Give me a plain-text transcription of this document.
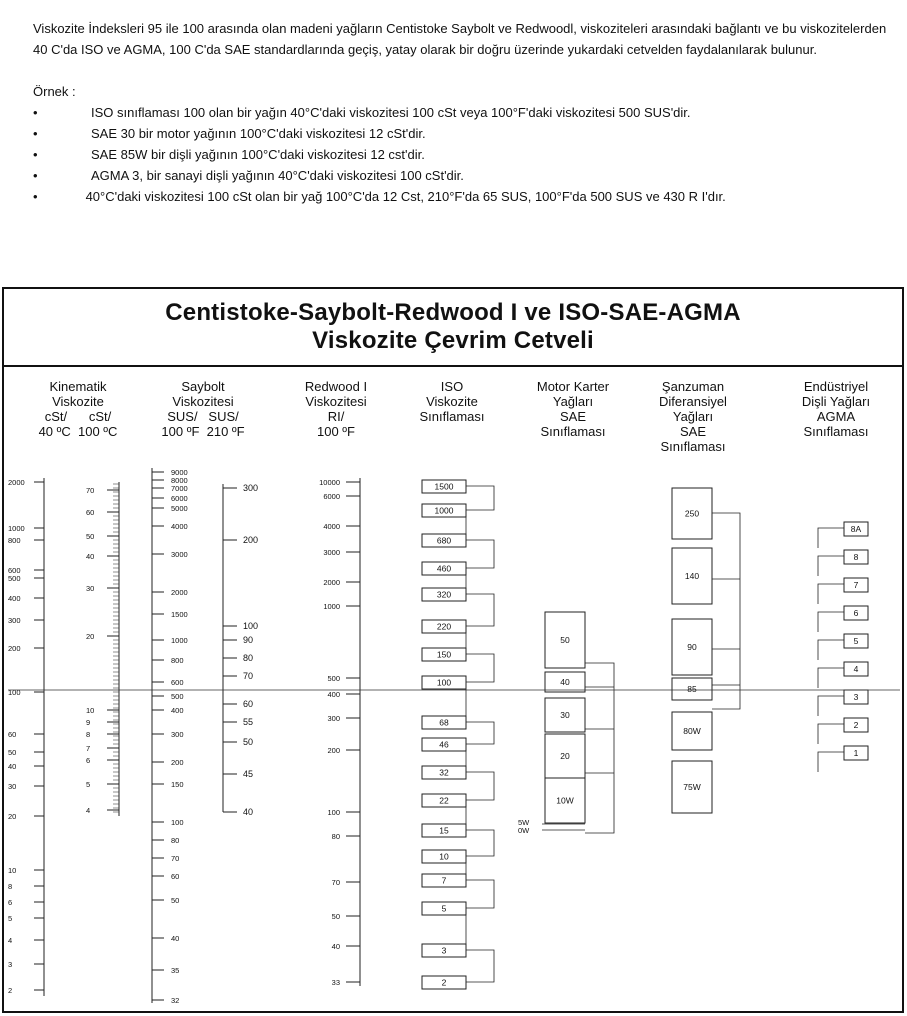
Viskozite İndeksleri 95 ile 100 arasında olan madeni yağların Centistoke Saybolt ve Redwoodl, viskoziteleri arasındaki bağlantı ve bu viskozitelerden 40 C'da ISO ve AGMA, 100 C'da SAE standardlarında geçiş, yatay olarak bir doğru üzerinde yukardaki cetvelden faydalanılarak bulunur.

Örnek :

•	ISO sınıflaması 100 olan bir yağın 40°C'daki viskozitesi 100 cSt veya 100°F'daki viskozitesi 500 SUS'dir.

•	SAE 30 bir motor yağının 100°C'daki viskozitesi 12 cSt'dir.

•	SAE 85W bir dişli yağının 100°C'daki viskozitesi 12 cst'dir.

•	AGMA 3, bir sanayi dişli yağının 40°C'daki viskozitesi 100 cSt'dir.

•	40°C'daki viskozitesi 100 cSt olan bir yağ 100°C'da 12 Cst, 210°F'da 65 SUS, 100°F'da 500 SUS ve 430 R I'dır.

Centistoke-Saybolt-Redwood I ve ISO-SAE-AGMA
Viskozite Çevrim Cetveli
Kinematik
Viskozite
cSt/      cSt/
40 ºC  100 ºC
Saybolt
Viskozitesi
SUS/   SUS/
100 ºF  210 ºF
Redwood I
Viskozitesi
RI/
100 ºF
ISO
Viskozite
Sınıflaması
Motor Karter
Yağları
SAE
Sınıflaması
Şanzuman
Diferansiyel
Yağları
SAE
Sınıflaması
Endüstriyel
Dişli Yağları
AGMA
Sınıflaması
2000
1000
800
600
500
400
300
200
100
60
50
40
30
20
10
8
6
5
4
3
2
70
60
50
40
30
20
10
9
8
7
6
5
4
9000
8000
7000
6000
5000
4000
3000
2000
1500
1000
800
600
500
400
300
200
150
100
80
70
60
50
40
35
32
300
200
100
90
80
70
60
55
50
45
40
10000
6000
4000
3000
2000
1000
500
400
300
200
100
80
70
50
40
33
1500
1000
680
460
320
220
150
100
68
46
32
22
15
10
7
5
3
2
50
40
30
20
10W
5W
0W
250
140
90
85
80W
75W
8A
8
7
6
5
4
3
2
1
